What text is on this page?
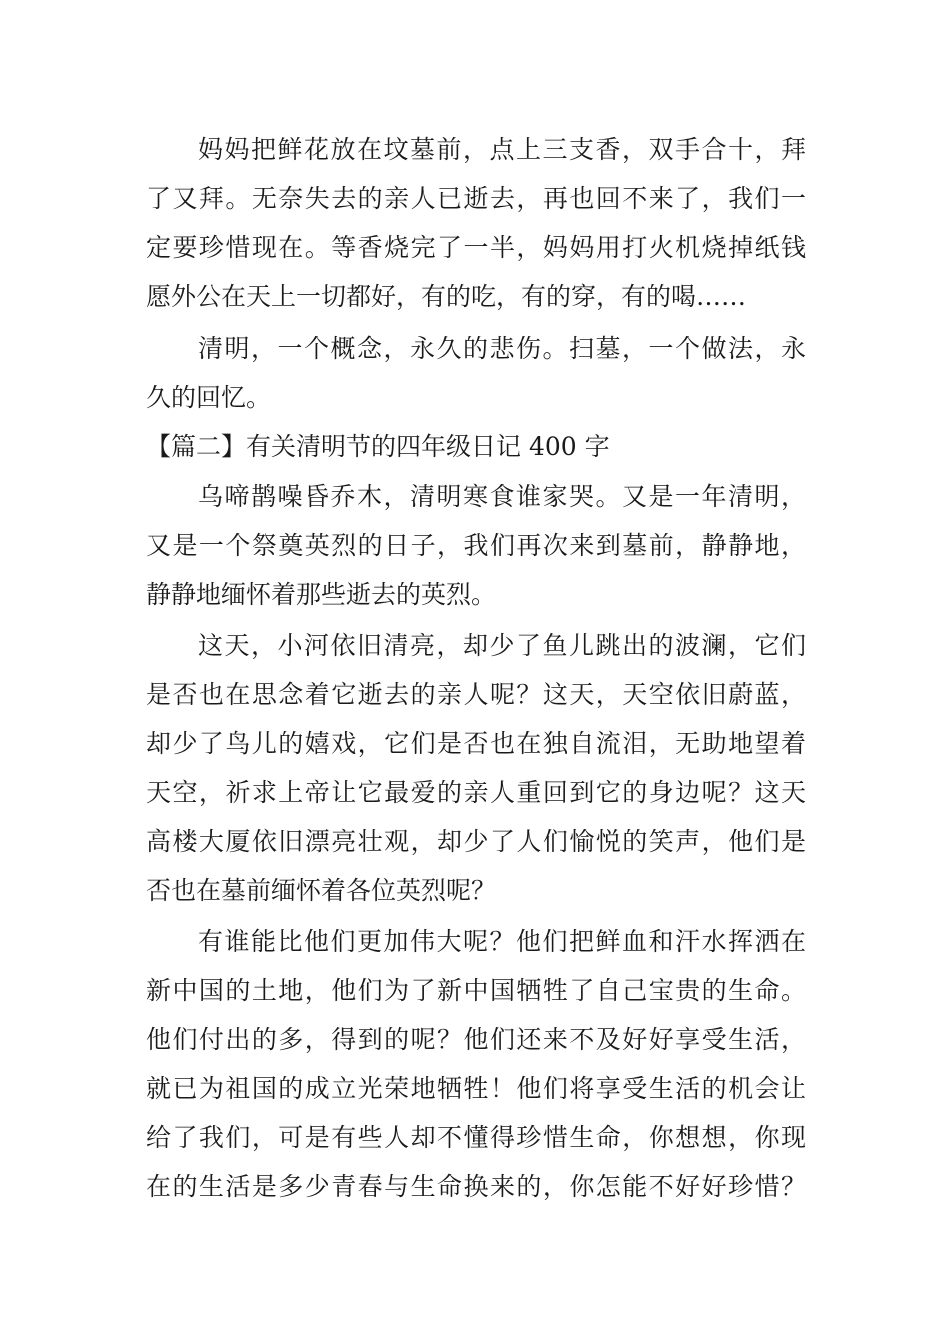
妈妈把鲜花放在坟墓前，点上三支香，双手合十，拜
了又拜。无奈失去的亲人已逝去，再也回不来了，我们一
定要珍惜现在。等香烧完了一半，妈妈用打火机烧掉纸钱
愿外公在天上一切都好，有的吃，有的穿，有的喝……
清明，一个概念，永久的悲伤。扫墓，一个做法，永
久的回忆。
【篇二】有关清明节的四年级日记 400 字
乌啼鹊噪昏乔木，清明寒食谁家哭。又是一年清明，
又是一个祭奠英烈的日子，我们再次来到墓前，静静地，
静静地缅怀着那些逝去的英烈。
这天，小河依旧清亮，却少了鱼儿跳出的波澜，它们
是否也在思念着它逝去的亲人呢？这天，天空依旧蔚蓝，
却少了鸟儿的嬉戏，它们是否也在独自流泪，无助地望着
天空，祈求上帝让它最爱的亲人重回到它的身边呢？这天
高楼大厦依旧漂亮壮观，却少了人们愉悦的笑声，他们是
否也在墓前缅怀着各位英烈呢？
有谁能比他们更加伟大呢？他们把鲜血和汗水挥洒在
新中国的土地，他们为了新中国牺牲了自己宝贵的生命。
他们付出的多，得到的呢？他们还来不及好好享受生活，
就已为祖国的成立光荣地牺牲！他们将享受生活的机会让
给了我们，可是有些人却不懂得珍惜生命，你想想，你现
在的生活是多少青春与生命换来的，你怎能不好好珍惜？
